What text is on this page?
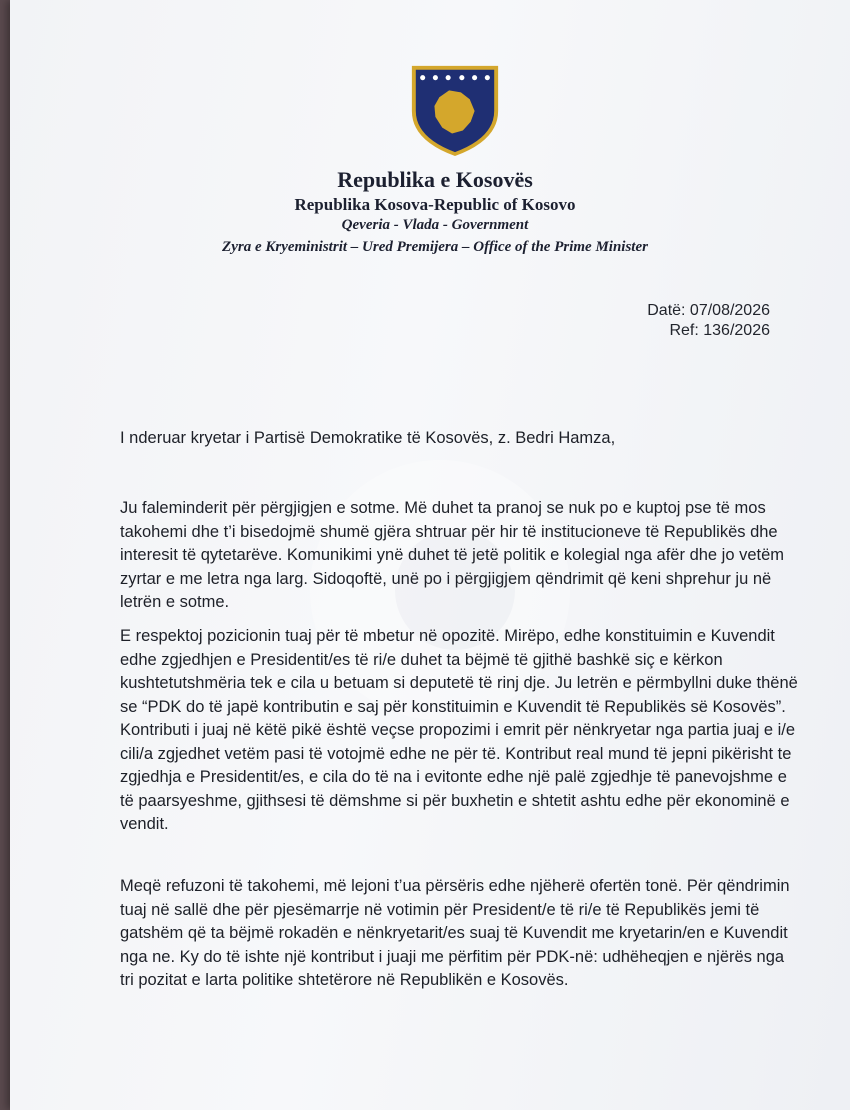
Republika e Kosovës
Republika Kosova-Republic of Kosovo
Qeveria - Vlada - Government
Zyra e Kryeministrit – Ured Premijera – Office of the Prime Minister
Datë: 07/08/2026
Ref: 136/2026
I nderuar kryetar i Partisë Demokratike të Kosovës, z. Bedri Hamza,
Ju faleminderit për përgjigjen e sotme. Më duhet ta pranoj se nuk po e kuptoj pse të mos takohemi dhe t’i bisedojmë shumë gjëra shtruar për hir të institucioneve të Republikës dhe interesit të qytetarëve. Komunikimi ynë duhet të jetë politik e kolegial nga afër dhe jo vetëm zyrtar e me letra nga larg. Sidoqoftë, unë po i përgjigjem qëndrimit që keni shprehur ju në letrën e sotme.
E respektoj pozicionin tuaj për të mbetur në opozitë. Mirëpo, edhe konstituimin e Kuvendit edhe zgjedhjen e Presidentit/es të ri/e duhet ta bëjmë të gjithë bashkë siç e kërkon kushtetutshmëria tek e cila u betuam si deputetë të rinj dje. Ju letrën e përmbyllni duke thënë se “PDK do të japë kontributin e saj për konstituimin e Kuvendit të Republikës së Kosovës”. Kontributi i juaj në këtë pikë është veçse propozimi i emrit për nënkryetar nga partia juaj e i/e cili/a zgjedhet vetëm pasi të votojmë edhe ne për të. Kontribut real mund të jepni pikërisht te zgjedhja e Presidentit/es, e cila do të na i evitonte edhe një palë zgjedhje të panevojshme e të paarsyeshme, gjithsesi të dëmshme si për buxhetin e shtetit ashtu edhe për ekonominë e vendit.
Meqë refuzoni të takohemi, më lejoni t’ua përsëris edhe njëherë ofertën tonë. Për qëndrimin tuaj në sallë dhe për pjesëmarrje në votimin për President/e të ri/e të Republikës jemi të gatshëm që ta bëjmë rokadën e nënkryetarit/es suaj të Kuvendit me kryetarin/en e Kuvendit nga ne. Ky do të ishte një kontribut i juaji me përfitim për PDK-në: udhëheqjen e njërës nga tri pozitat e larta politike shtetërore në Republikën e Kosovës.
